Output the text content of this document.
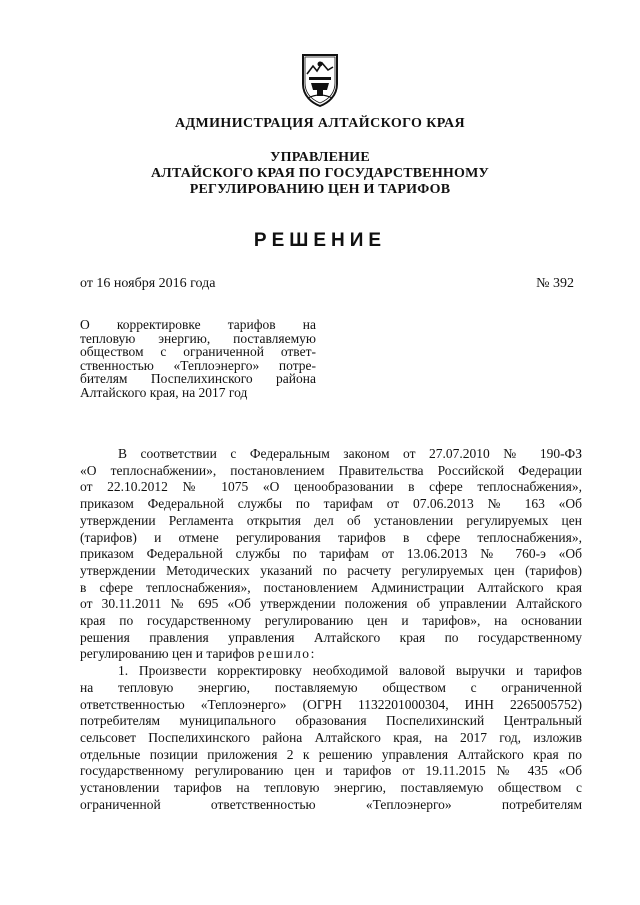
АДМИНИСТРАЦИЯ АЛТАЙСКОГО КРАЯ
УПРАВЛЕНИЕ
АЛТАЙСКОГО КРАЯ ПО ГОСУДАРСТВЕННОМУ
РЕГУЛИРОВАНИЮ ЦЕН И ТАРИФОВ
РЕШЕНИЕ
от 16 ноября 2016 года	№ 392
О корректировке тарифов на
тепловую энергию, поставляемую
обществом с ограниченной ответ-
ственностью «Теплоэнерго» потре-
бителям Поспелихинского района
Алтайского края, на 2017 год
В соответствии с Федеральным законом от 27.07.2010 № 190-ФЗ
«О теплоснабжении», постановлением Правительства Российской Федерации
от 22.10.2012 № 1075 «О ценообразовании в сфере теплоснабжения»,
приказом Федеральной службы по тарифам от 07.06.2013 № 163 «Об
утверждении Регламента открытия дел об установлении регулируемых цен
(тарифов) и отмене регулирования тарифов в сфере теплоснабжения»,
приказом Федеральной службы по тарифам от 13.06.2013 № 760-э «Об
утверждении Методических указаний по расчету регулируемых цен (тарифов)
в сфере теплоснабжения», постановлением Администрации Алтайского края
от 30.11.2011 № 695 «Об утверждении положения об управлении Алтайского
края по государственному регулированию цен и тарифов», на основании
решения правления управления Алтайского края по государственному
регулированию цен и тарифов решило:
1. Произвести корректировку необходимой валовой выручки и тарифов
на тепловую энергию, поставляемую обществом с ограниченной
ответственностью «Теплоэнерго» (ОГРН 1132201000304, ИНН 2265005752)
потребителям муниципального образования Поспелихинский Центральный
сельсовет Поспелихинского района Алтайского края, на 2017 год, изложив
отдельные позиции приложения 2 к решению управления Алтайского края по
государственному регулированию цен и тарифов от 19.11.2015 № 435 «Об
установлении тарифов на тепловую энергию, поставляемую обществом с
ограниченной ответственностью «Теплоэнерго» потребителям
